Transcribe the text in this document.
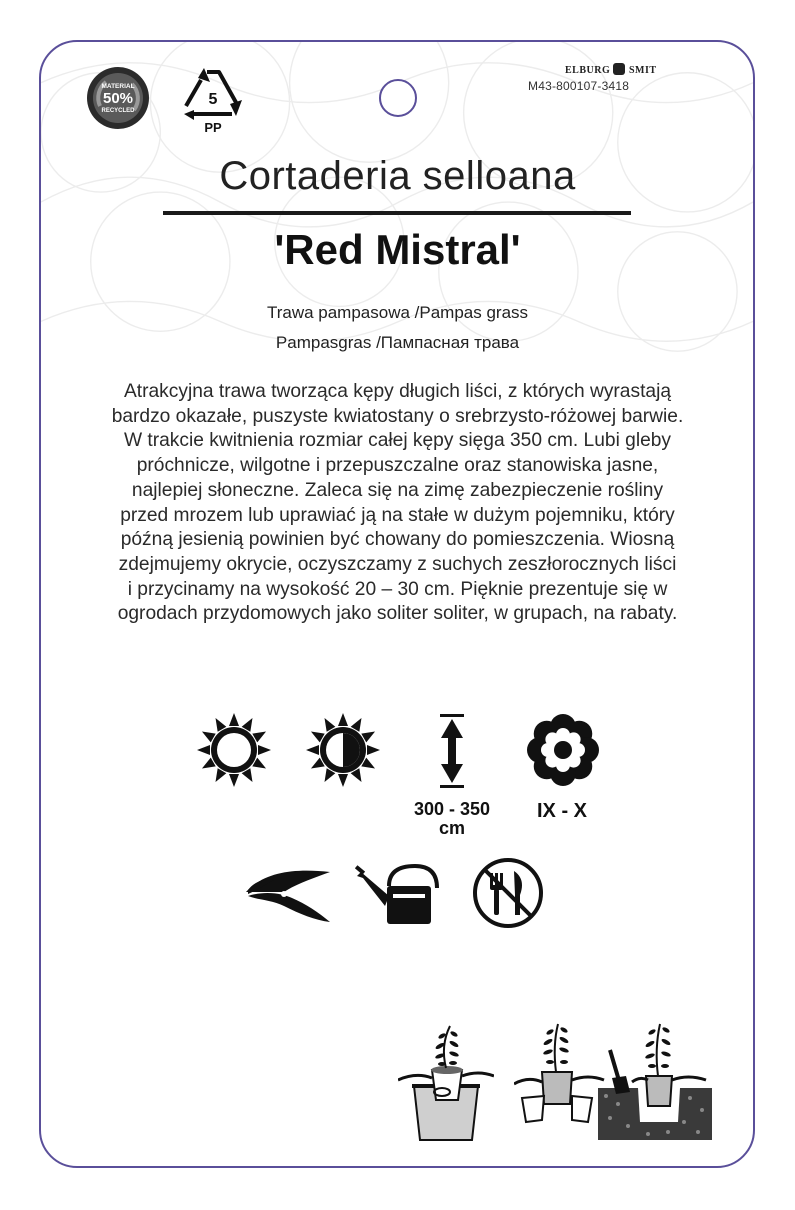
MATERIAL
50%
RECYCLED
5
PP
ELBURG SMIT
M43-800107-3418
Cortaderia selloana
'Red Mistral'
Trawa pampasowa /Pampas grass
Pampasgras /Пампасная трава
Atrakcyjna trawa tworząca kępy długich liści, z których wyrastają
bardzo okazałe, puszyste kwiatostany o srebrzysto-różowej barwie.
W trakcie kwitnienia rozmiar całej kępy sięga 350 cm. Lubi gleby
próchnicze, wilgotne i przepuszczalne oraz stanowiska jasne,
najlepiej słoneczne. Zaleca się na zimę zabezpieczenie rośliny
przed mrozem lub uprawiać ją na stałe w dużym pojemniku, który
późną jesienią powinien być chowany do pomieszczenia. Wiosną
zdejmujemy okrycie, oczyszczamy z suchych zeszłorocznych liści
i przycinamy na wysokość 20 – 30 cm. Pięknie prezentuje się w
ogrodach przydomowych jako soliter soliter, w grupach, na rabaty.
300 - 350
cm
IX - X
